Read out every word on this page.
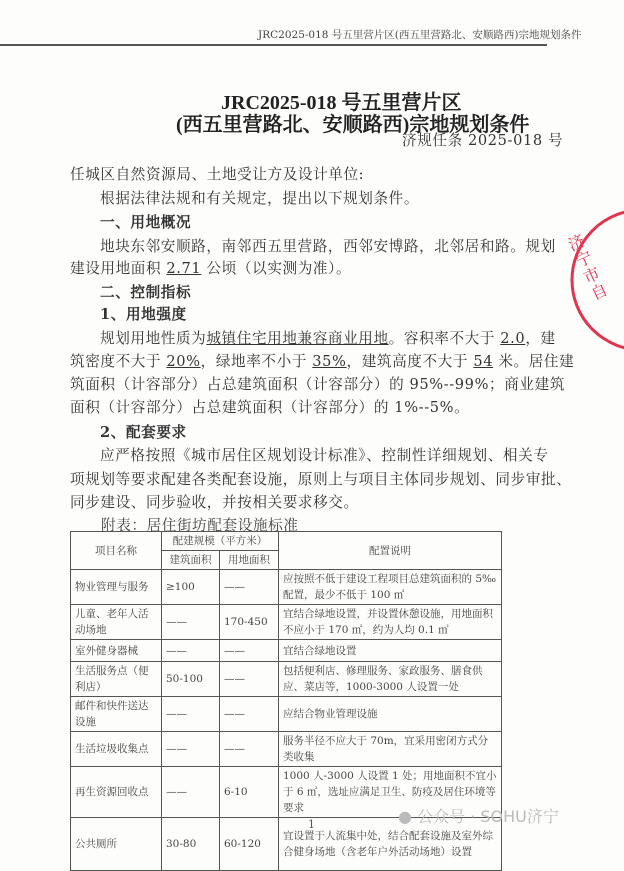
JRC2025-018 号五里营片区(西五里营路北、安顺路西)宗地规划条件
JRC2025-018 号五里营片区
(西五里营路北、安顺路西)宗地规划条件
济规任条 2025-018 号
任城区自然资源局、土地受让方及设计单位:
根据法律法规和有关规定，提出以下规划条件。
一、用地概况
地块东邻安顺路，南邻西五里营路，西邻安博路，北邻居和路。规划
建设用地面积 2.71 公顷（以实测为准）。
二、控制指标
1、用地强度
规划用地性质为城镇住宅用地兼容商业用地。容积率不大于 2.0，建
筑密度不大于 20%，绿地率不小于 35%，建筑高度不大于 54 米。居住建
筑面积（计容部分）占总建筑面积（计容部分）的 95%--99%；商业建筑
面积（计容部分）占总建筑面积（计容部分）的 1%--5%。
2、配套要求
应严格按照《城市居住区规划设计标准》、控制性详细规划、相关专
项规划等要求配建各类配套设施，原则上与项目主体同步规划、同步审批、
同步建设、同步验收，并按相关要求移交。
附表：居住街坊配套设施标准
项目名称	配建规模（平方米）		配置说明
	建筑面积	用地面积	
物业管理与服务	≥100	——	应按照不低于建设工程项目总建筑面积的 5‰ 配置，最少不低于 100 ㎡
儿童、老年人活动场地	——	170-450	宜结合绿地设置，并设置休憩设施，用地面积不应小于 170 ㎡，约为人均 0.1 ㎡
室外健身器械	——	——	宜结合绿地设置
生活服务点（便利店）	50-100	——	包括便利店、修理服务、家政服务、膳食供应、菜店等，1000-3000 人设置一处
邮件和快件送达设施	——	——	应结合物业管理设施
生活垃圾收集点	——	——	服务半径不应大于 70m，宜采用密闭方式分类收集
再生资源回收点	——	6-10	1000 人-3000 人设置 1 处；用地面积不宜小于 6 ㎡，选址应满足卫生、防疫及居住环境等要求
公共厕所	30-80	60-120	宜设置于人流集中处，结合配套设施及室外综合健身场地（含老年户外活动场地）设置
济宁市自
1	● 公众号 · SOHU济宁
